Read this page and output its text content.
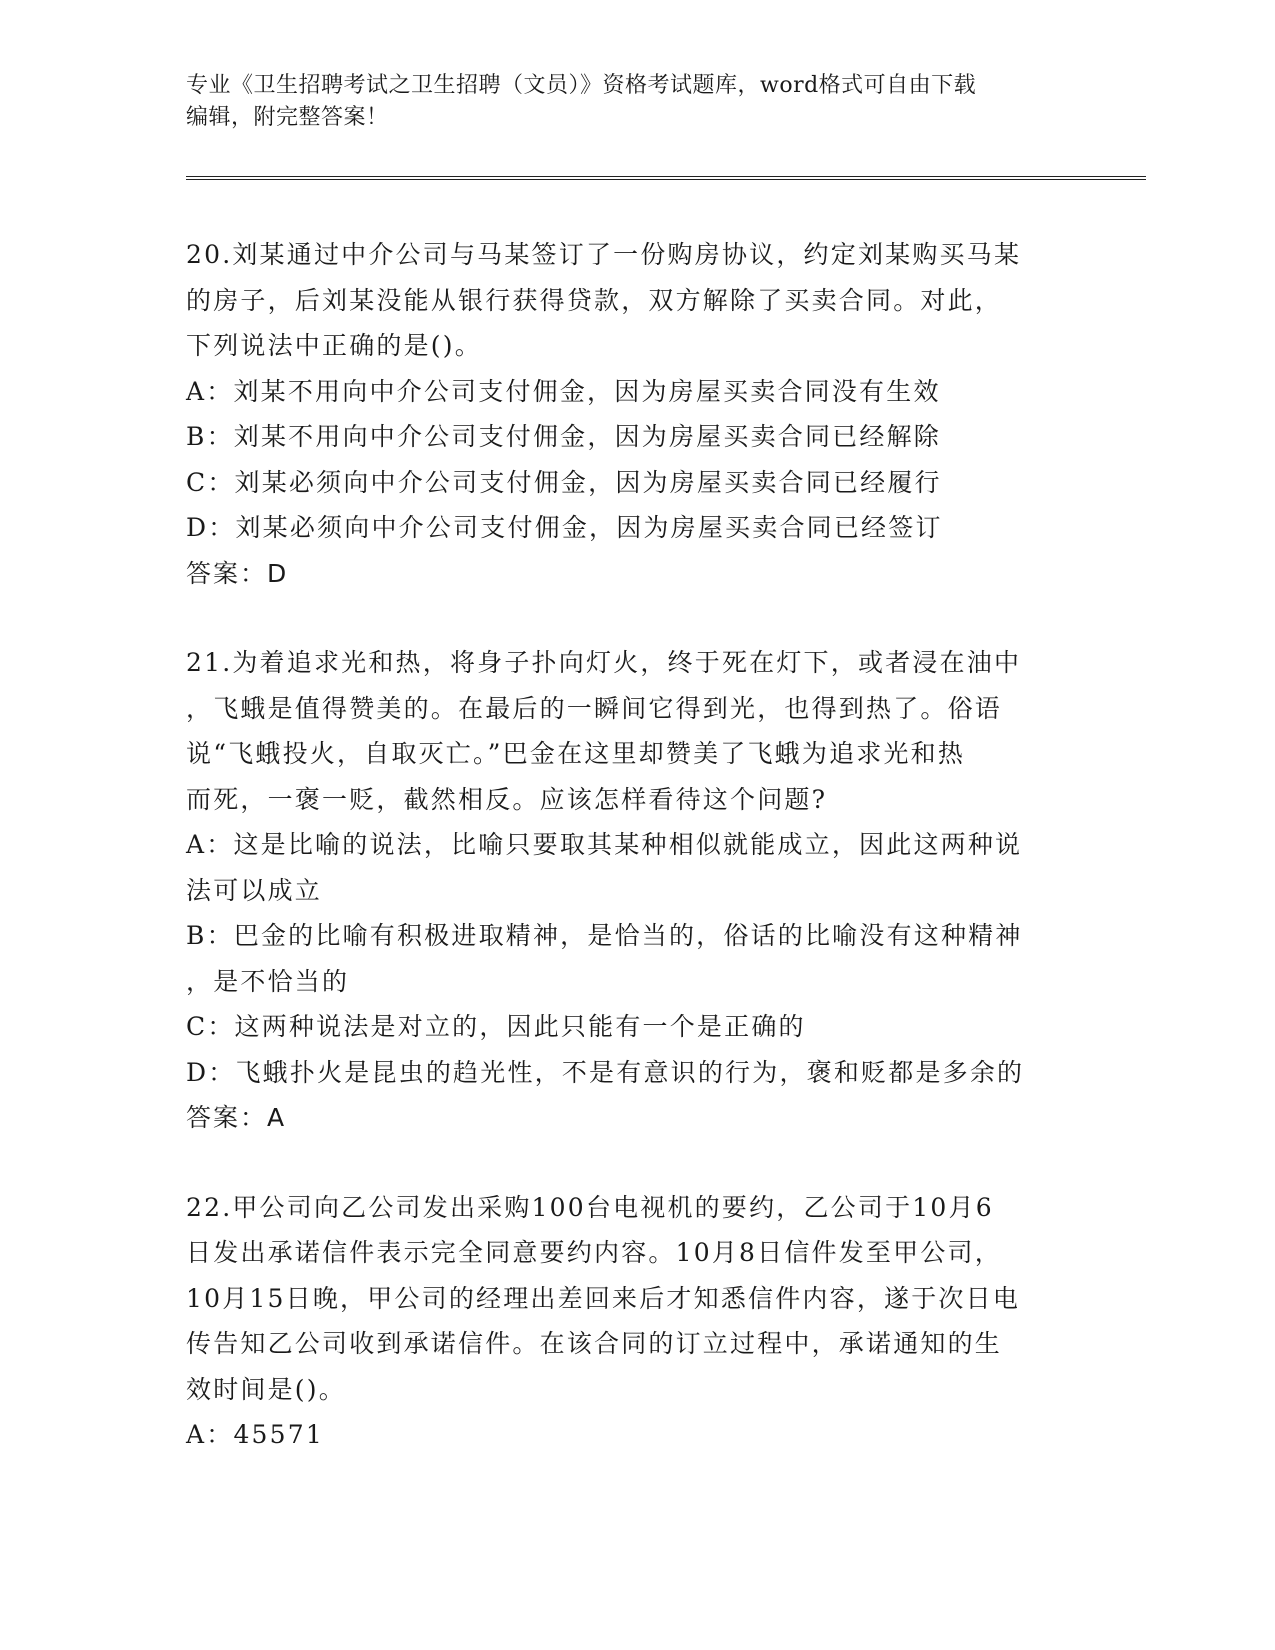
专业《卫生招聘考试之卫生招聘（文员）》资格考试题库，word格式可自由下载
编辑，附完整答案！
20.刘某通过中介公司与马某签订了一份购房协议，约定刘某购买马某
的房子，后刘某没能从银行获得贷款，双方解除了买卖合同。对此，
下列说法中正确的是()。
A：刘某不用向中介公司支付佣金，因为房屋买卖合同没有生效
B：刘某不用向中介公司支付佣金，因为房屋买卖合同已经解除
C：刘某必须向中介公司支付佣金，因为房屋买卖合同已经履行
D：刘某必须向中介公司支付佣金，因为房屋买卖合同已经签订
答案：D
21.为着追求光和热，将身子扑向灯火，终于死在灯下，或者浸在油中
，飞蛾是值得赞美的。在最后的一瞬间它得到光，也得到热了。俗语
说“飞蛾投火，自取灭亡。”巴金在这里却赞美了飞蛾为追求光和热
而死，一褒一贬，截然相反。应该怎样看待这个问题?
A：这是比喻的说法，比喻只要取其某种相似就能成立，因此这两种说
法可以成立
B：巴金的比喻有积极进取精神，是恰当的，俗话的比喻没有这种精神
，是不恰当的
C：这两种说法是对立的，因此只能有一个是正确的
D：飞蛾扑火是昆虫的趋光性，不是有意识的行为，褒和贬都是多余的
答案：A
22.甲公司向乙公司发出采购100台电视机的要约，乙公司于10月6
日发出承诺信件表示完全同意要约内容。10月8日信件发至甲公司，
10月15日晚，甲公司的经理出差回来后才知悉信件内容，遂于次日电
传告知乙公司收到承诺信件。在该合同的订立过程中，承诺通知的生
效时间是()。
A：45571
